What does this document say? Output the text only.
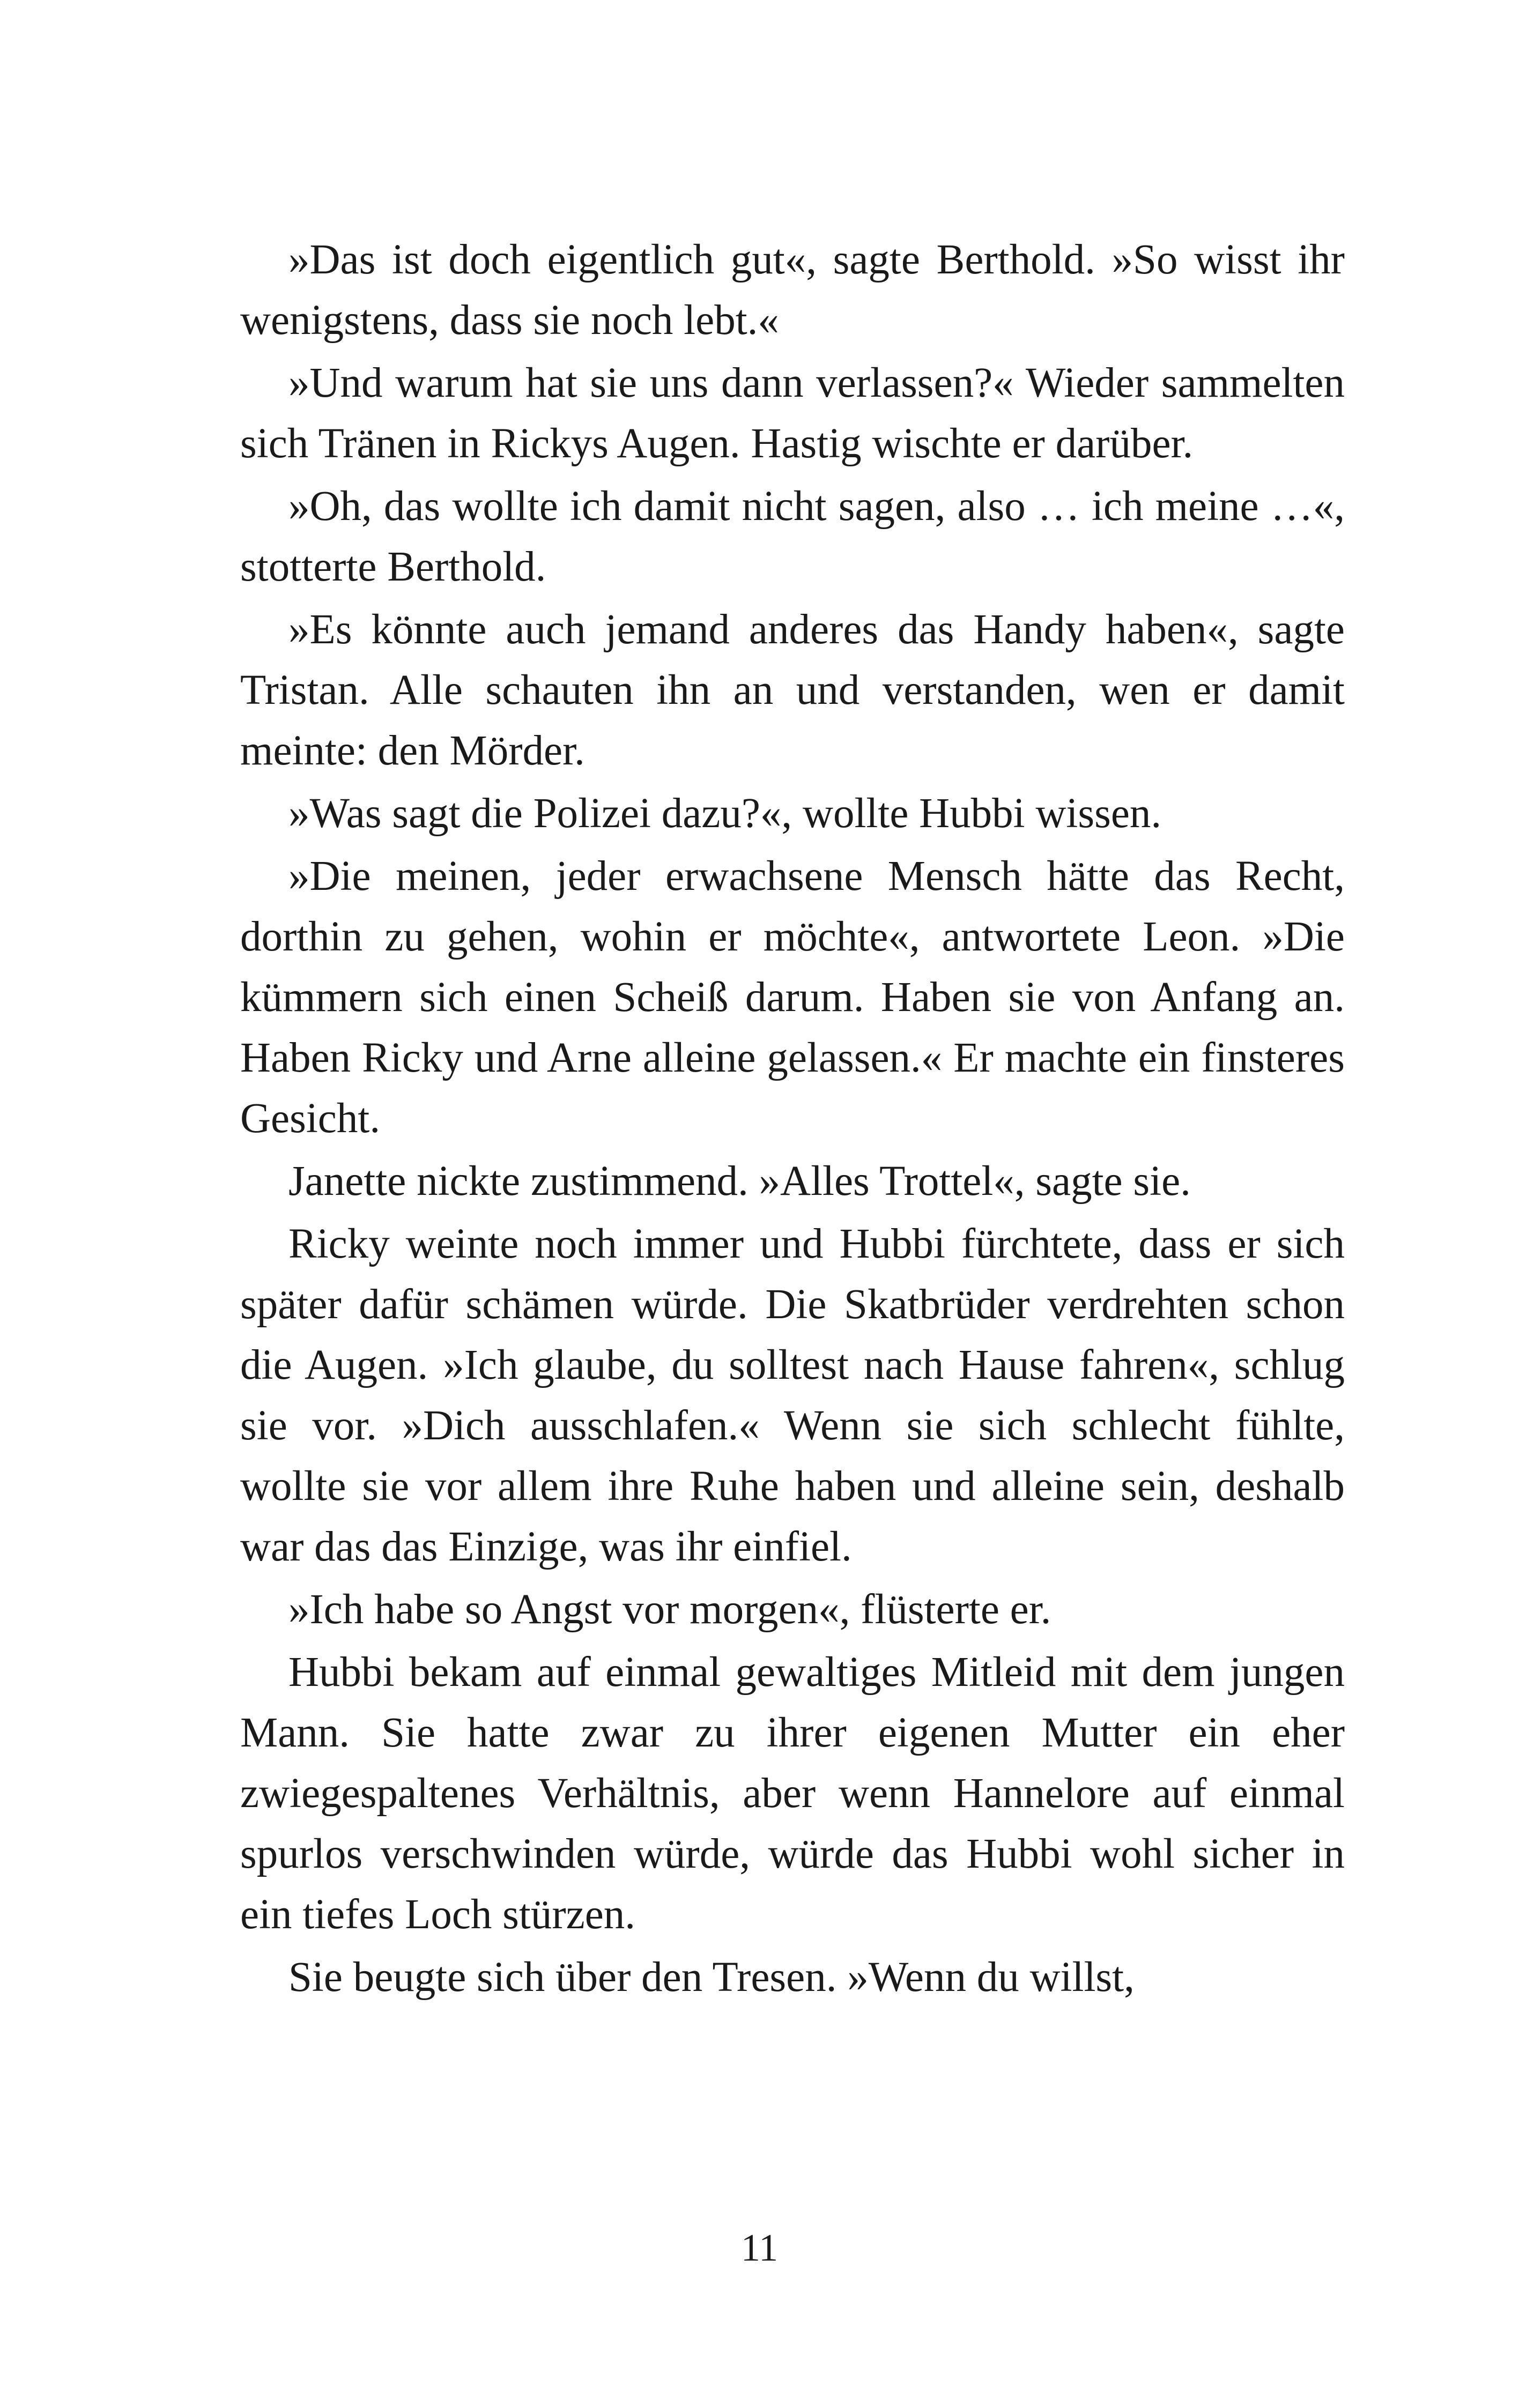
»Das ist doch eigentlich gut«, sagte Berthold. »So wisst ihr wenigstens, dass sie noch lebt.«

»Und warum hat sie uns dann verlassen?« Wieder sammelten sich Tränen in Rickys Augen. Hastig wischte er darüber.

»Oh, das wollte ich damit nicht sagen, also … ich meine …«, stotterte Berthold.

»Es könnte auch jemand anderes das Handy haben«, sagte Tristan. Alle schauten ihn an und verstanden, wen er damit meinte: den Mörder.

»Was sagt die Polizei dazu?«, wollte Hubbi wissen.

»Die meinen, jeder erwachsene Mensch hätte das Recht, dorthin zu gehen, wohin er möchte«, antwortete Leon. »Die kümmern sich einen Scheiß darum. Haben sie von Anfang an. Haben Ricky und Arne alleine gelassen.« Er machte ein finsteres Gesicht.

Janette nickte zustimmend. »Alles Trottel«, sagte sie.

Ricky weinte noch immer und Hubbi fürchtete, dass er sich später dafür schämen würde. Die Skatbrüder verdrehten schon die Augen. »Ich glaube, du solltest nach Hause fahren«, schlug sie vor. »Dich ausschlafen.« Wenn sie sich schlecht fühlte, wollte sie vor allem ihre Ruhe haben und alleine sein, deshalb war das das Einzige, was ihr einfiel.

»Ich habe so Angst vor morgen«, flüsterte er.

Hubbi bekam auf einmal gewaltiges Mitleid mit dem jungen Mann. Sie hatte zwar zu ihrer eigenen Mutter ein eher zwiegespaltenes Verhältnis, aber wenn Hannelore auf einmal spurlos verschwinden würde, würde das Hubbi wohl sicher in ein tiefes Loch stürzen.

Sie beugte sich über den Tresen. »Wenn du willst,

11
